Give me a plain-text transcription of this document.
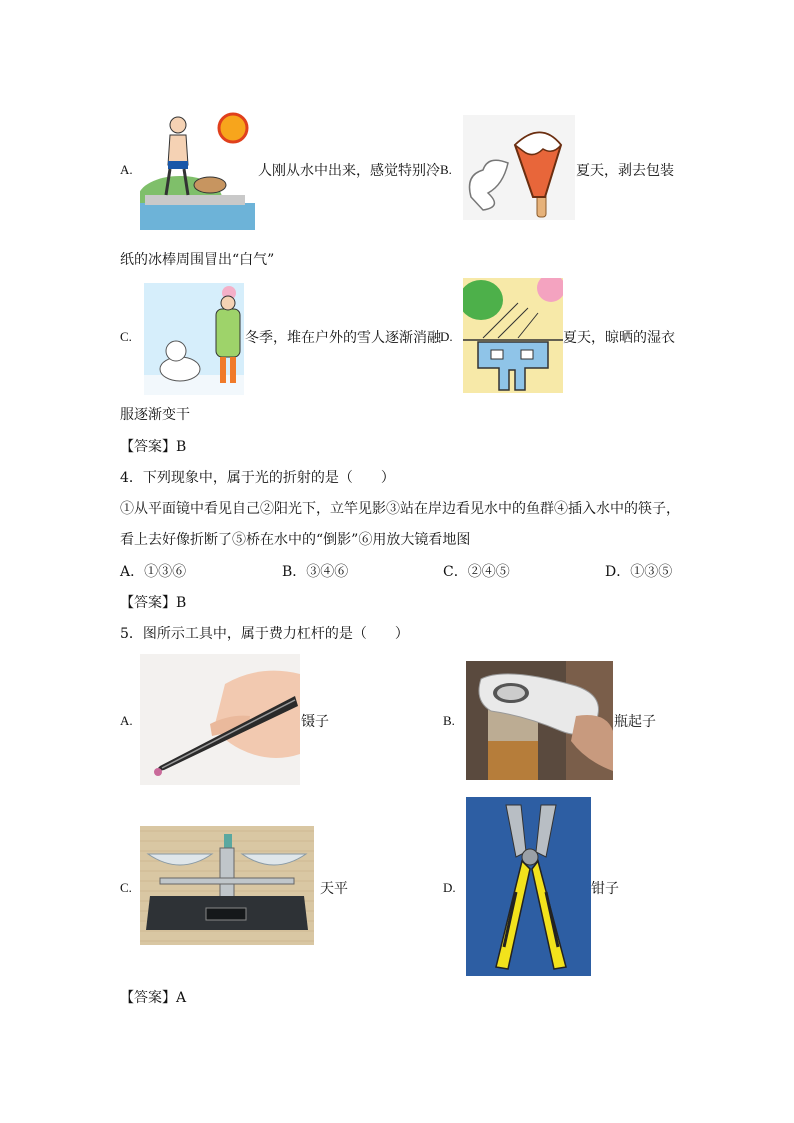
A.	人刚从水中出来，感觉特别冷 B.	夏天，剥去包装
纸的冰棒周围冒出“白气”
C.	冬季，堆在户外的雪人逐渐消融 D.	夏天，晾晒的湿衣
服逐渐变干
【答案】B
4．下列现象中，属于光的折射的是（　　）
①从平面镜中看见自己②阳光下，立竿见影③站在岸边看见水中的鱼群④插入水中的筷子，
看上去好像折断了⑤桥在水中的“倒影”⑥用放大镜看地图
A．①③⑥	B．③④⑥	C．②④⑤	D．①③⑤
【答案】B
5．图所示工具中，属于费力杠杆的是（　　）
A.	镊子	B.	瓶起子
C.	天平	D.	钳子
【答案】A
